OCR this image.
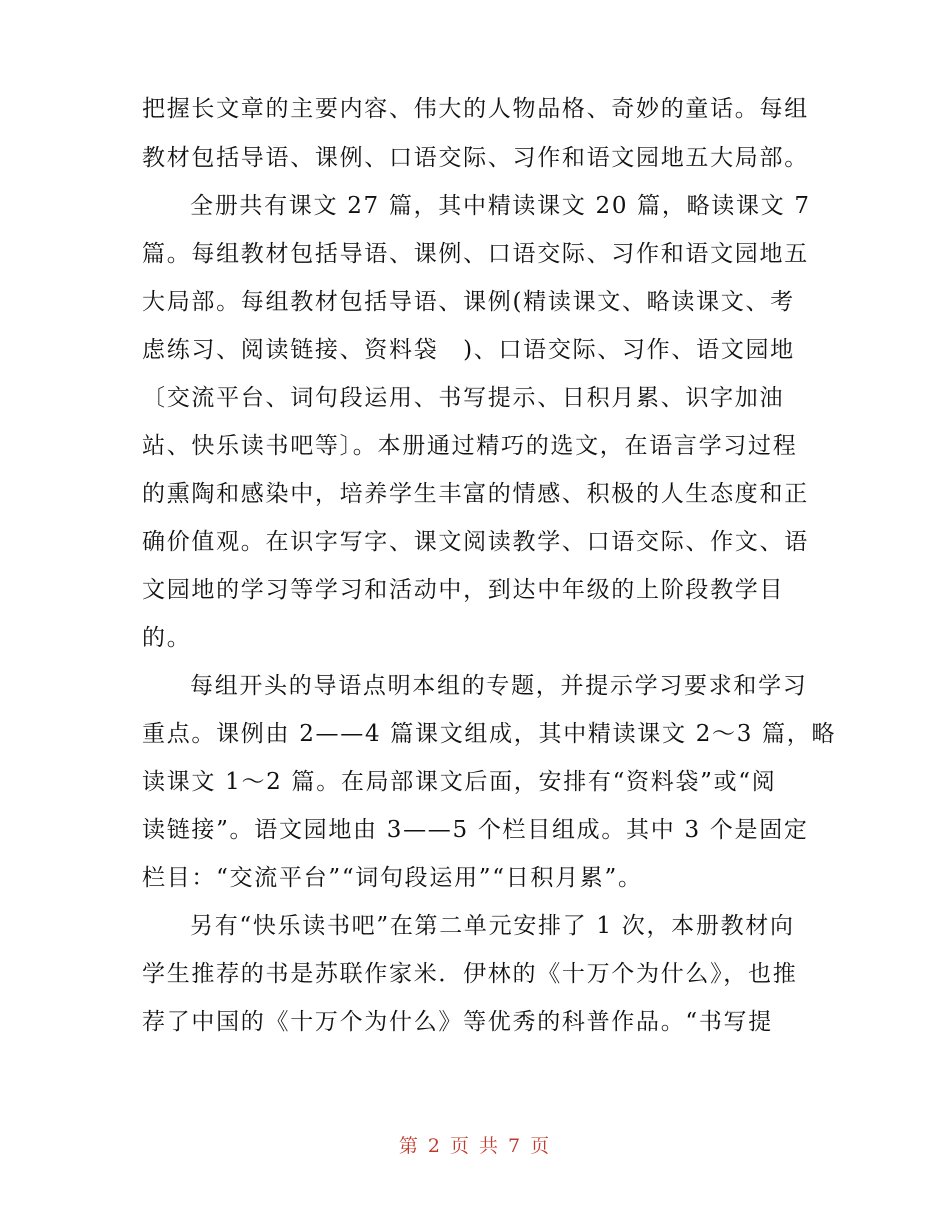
把握长文章的主要内容、伟大的人物品格、奇妙的童话。每组
教材包括导语、课例、口语交际、习作和语文园地五大局部。
全册共有课文 27 篇，其中精读课文 20 篇，略读课文 7
篇。每组教材包括导语、课例、口语交际、习作和语文园地五
大局部。每组教材包括导语、课例(精读课文、略读课文、考
虑练习、阅读链接、资料袋　)、口语交际、习作、语文园地
〔交流平台、词句段运用、书写提示、日积月累、识字加油
站、快乐读书吧等〕。本册通过精巧的选文，在语言学习过程
的熏陶和感染中，培养学生丰富的情感、积极的人生态度和正
确价值观。在识字写字、课文阅读教学、口语交际、作文、语
文园地的学习等学习和活动中，到达中年级的上阶段教学目
的。
每组开头的导语点明本组的专题，并提示学习要求和学习
重点。课例由 2——4 篇课文组成，其中精读课文 2～3 篇，略
读课文 1～2 篇。在局部课文后面，安排有“资料袋”或“阅
读链接”。语文园地由 3——5 个栏目组成。其中 3 个是固定
栏目：“交流平台”“词句段运用”“日积月累”。
另有“快乐读书吧”在第二单元安排了 1 次，本册教材向
学生推荐的书是苏联作家米．伊林的《十万个为什么》，也推
荐了中国的《十万个为什么》等优秀的科普作品。“书写提
第 2 页 共 7 页
